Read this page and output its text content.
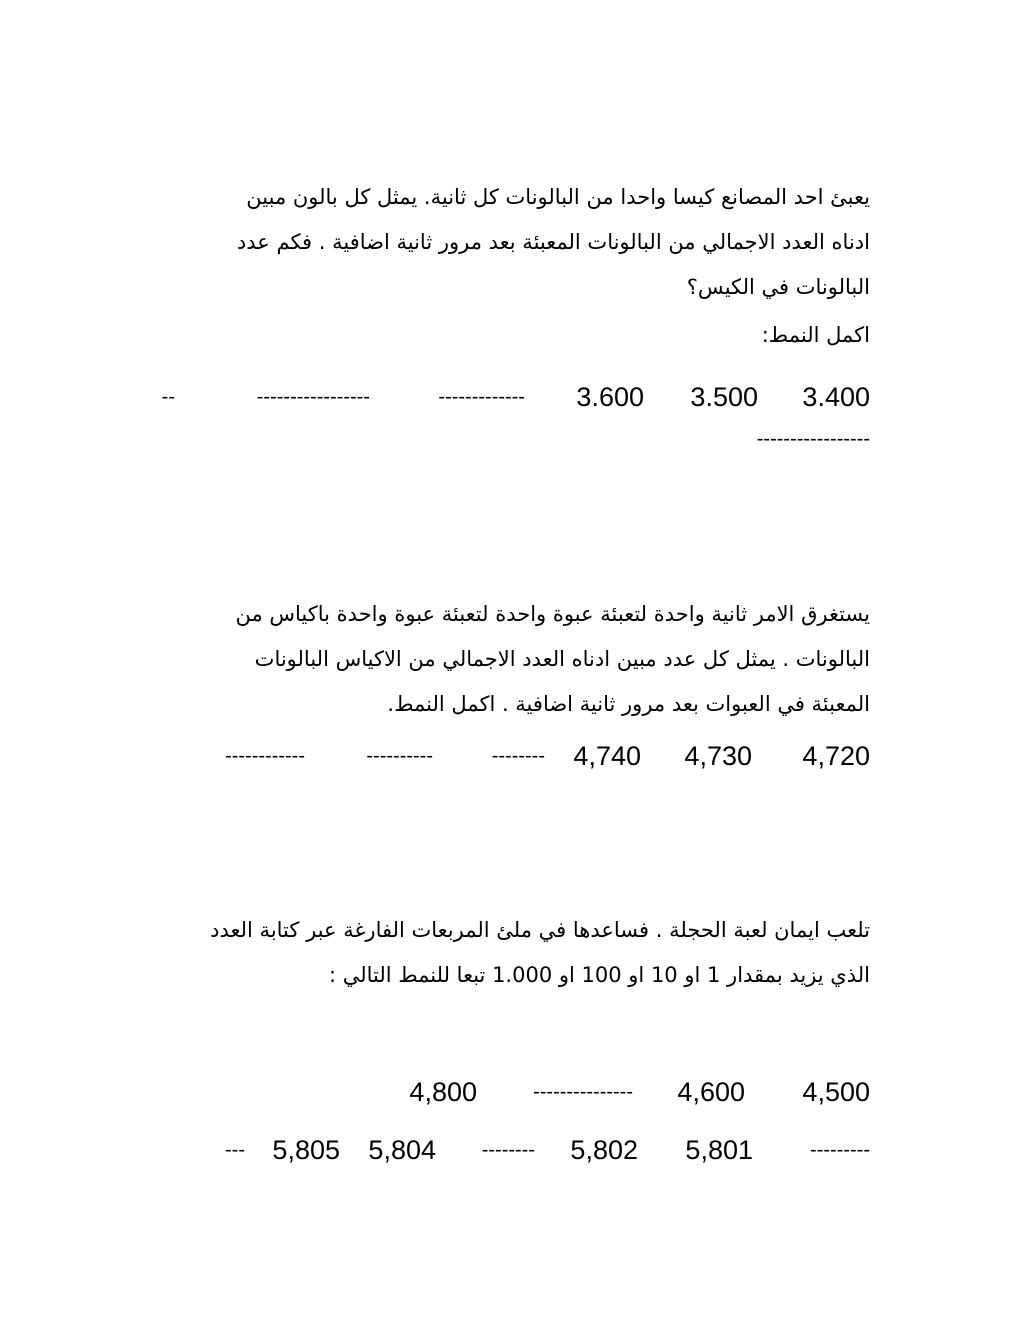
يعبئ احد المصانع كيسا واحدا من البالونات كل ثانية. يمثل كل بالون مبين
ادناه العدد الاجمالي من البالونات المعبئة بعد مرور ثانية اضافية . فكم عدد
البالونات في الكيس؟
اكمل النمط:
3.400
3.500
3.600
-------------
-----------------
--
-----------------
يستغرق الامر ثانية واحدة لتعبئة عبوة واحدة لتعبئة عبوة واحدة باكياس من
البالونات . يمثل كل عدد مبين ادناه العدد الاجمالي من الاكياس البالونات
المعبئة في العبوات بعد مرور ثانية اضافية . اكمل النمط.
4,720
4,730
4,740
--------
----------
------------
تلعب ايمان لعبة الحجلة . فساعدها في ملئ المربعات الفارغة عبر كتابة العدد
الذي يزيد بمقدار 1 او 10 او 100 او 1.000 تبعا للنمط التالي :
4,500
4,600
---------------
4,800
---------
5,801
5,802
--------
5,804
5,805
---
